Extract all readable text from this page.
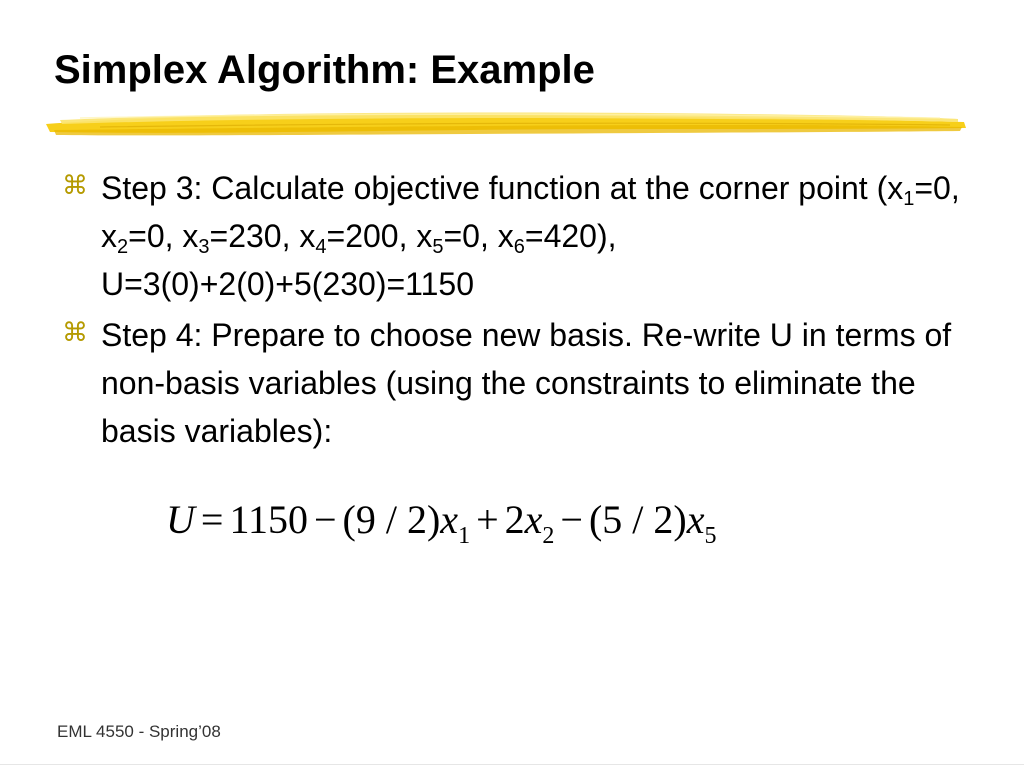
Simplex Algorithm: Example
⌘ Step 3: Calculate objective function at the corner point ($x_1=0$, $x_2=0$, $x_3=230$, $x_4=200$, $x_5=0$, $x_6=420$), U=3(0)+2(0)+5(230)=1150
⌘ Step 4: Prepare to choose new basis. Re-write U in terms of non-basis variables (using the constraints to eliminate the basis variables):
$U = 1150 - (9 / 2)x_1 + 2x_2 - (5 / 2)x_5$
EML 4550 - Spring’08
